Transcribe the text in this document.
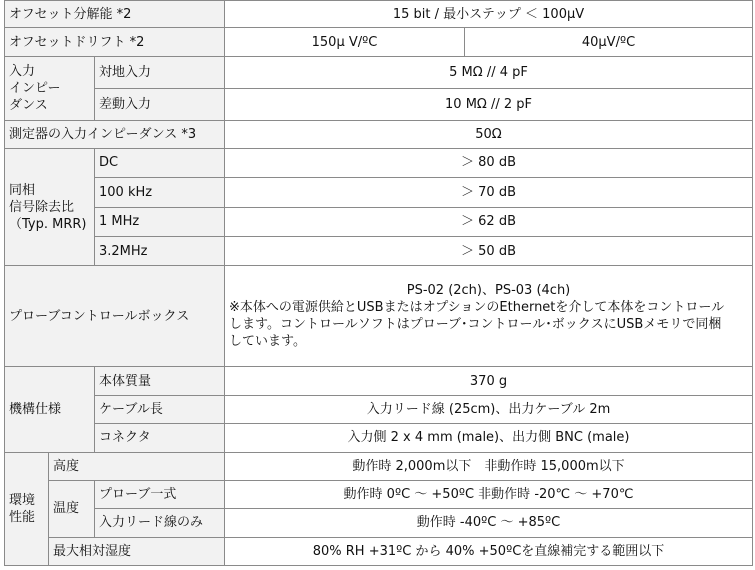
オフセット分解能 *2			15 bit / 最小ステップ ＜ 100µV	
オフセットドリフト *2			150µ V/ºC	40µV/ºC

入力
インピー
ダンス		対地入力	5 MΩ // 4 pF	
		差動入力	10 MΩ // 2 pF	
測定器の入力インピーダンス *3			50Ω	

同相
信号除去比
（Typ. MRR)		DC	＞ 80 dB	
		100 kHz	＞ 70 dB	
		1 MHz	＞ 62 dB	
		3.2MHz	＞ 50 dB	
プローブコントロールボックス			PS-02 (2ch)、PS-03 (4ch)
※本体への電源供給とUSBまたはオプションのEthernetを介して本体をコントロール
します。コントロールソフトはプローブ･コントロール･ボックスにUSBメモリで同梱
しています。	

機構仕様		本体質量	370 g	
		ケーブル長	入力リード線 (25cm)、出力ケーブル 2m	
		コネクタ	入力側 2 x 4 mm (male)、出力側 BNC (male)	

環境
性能	高度		動作時 2,000m以下　非動作時 15,000m以下	
	温度	プローブ一式	動作時 0ºC ～ +50ºC 非動作時 -20℃ ～ +70℃	
		入力リード線のみ	動作時 -40ºC ～ +85ºC	
	最大相対湿度		80% RH +31ºC から 40% +50ºCを直線補完する範囲以下	
